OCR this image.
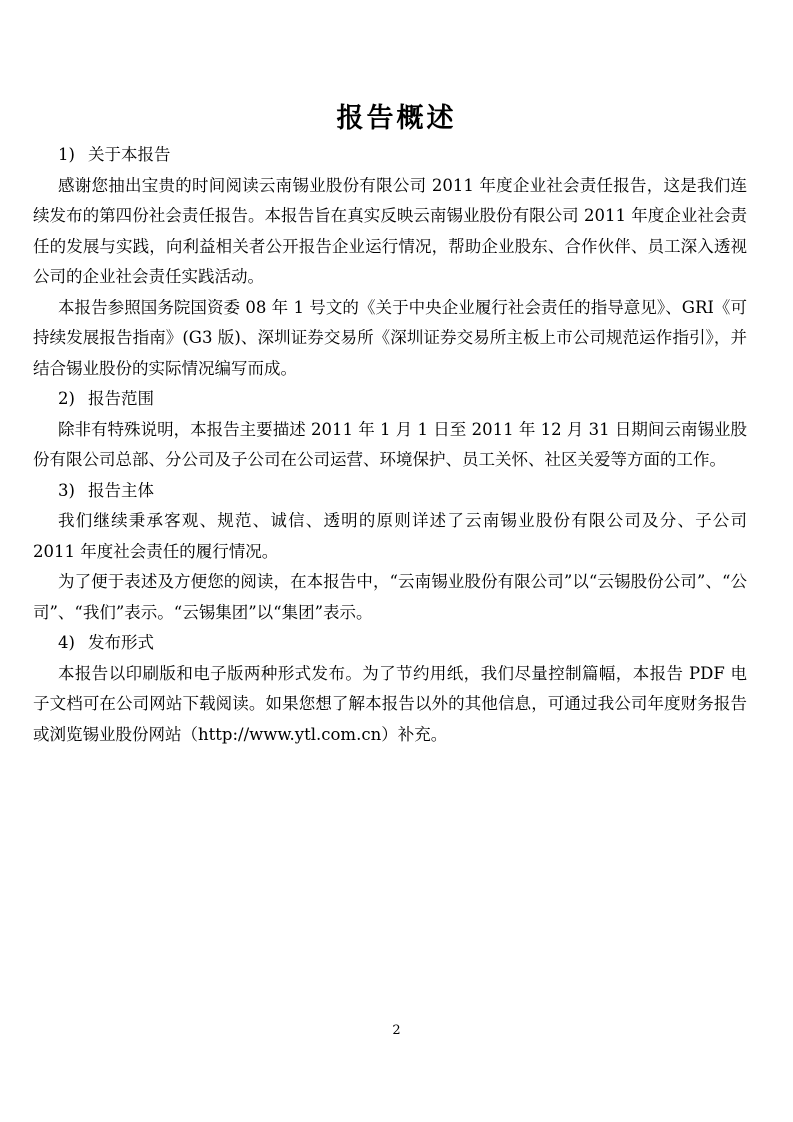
报告概述

1) 关于本报告

感谢您抽出宝贵的时间阅读云南锡业股份有限公司 2011 年度企业社会责任报告，这是我们连续发布的第四份社会责任报告。本报告旨在真实反映云南锡业股份有限公司 2011 年度企业社会责任的发展与实践，向利益相关者公开报告企业运行情况，帮助企业股东、合作伙伴、员工深入透视公司的企业社会责任实践活动。

本报告参照国务院国资委 08 年 1 号文的《关于中央企业履行社会责任的指导意见》、GRI《可持续发展报告指南》(G3 版)、深圳证券交易所《深圳证券交易所主板上市公司规范运作指引》，并结合锡业股份的实际情况编写而成。

2) 报告范围

除非有特殊说明，本报告主要描述 2011 年 1 月 1 日至 2011 年 12 月 31 日期间云南锡业股份有限公司总部、分公司及子公司在公司运营、环境保护、员工关怀、社区关爱等方面的工作。

3) 报告主体

我们继续秉承客观、规范、诚信、透明的原则详述了云南锡业股份有限公司及分、子公司 2011 年度社会责任的履行情况。

为了便于表述及方便您的阅读，在本报告中，“云南锡业股份有限公司”以“云锡股份公司”、“公司”、“我们”表示。“云锡集团”以“集团”表示。

4) 发布形式

本报告以印刷版和电子版两种形式发布。为了节约用纸，我们尽量控制篇幅，本报告 PDF 电子文档可在公司网站下载阅读。如果您想了解本报告以外的其他信息，可通过我公司年度财务报告或浏览锡业股份网站（http://www.ytl.com.cn）补充。

2
